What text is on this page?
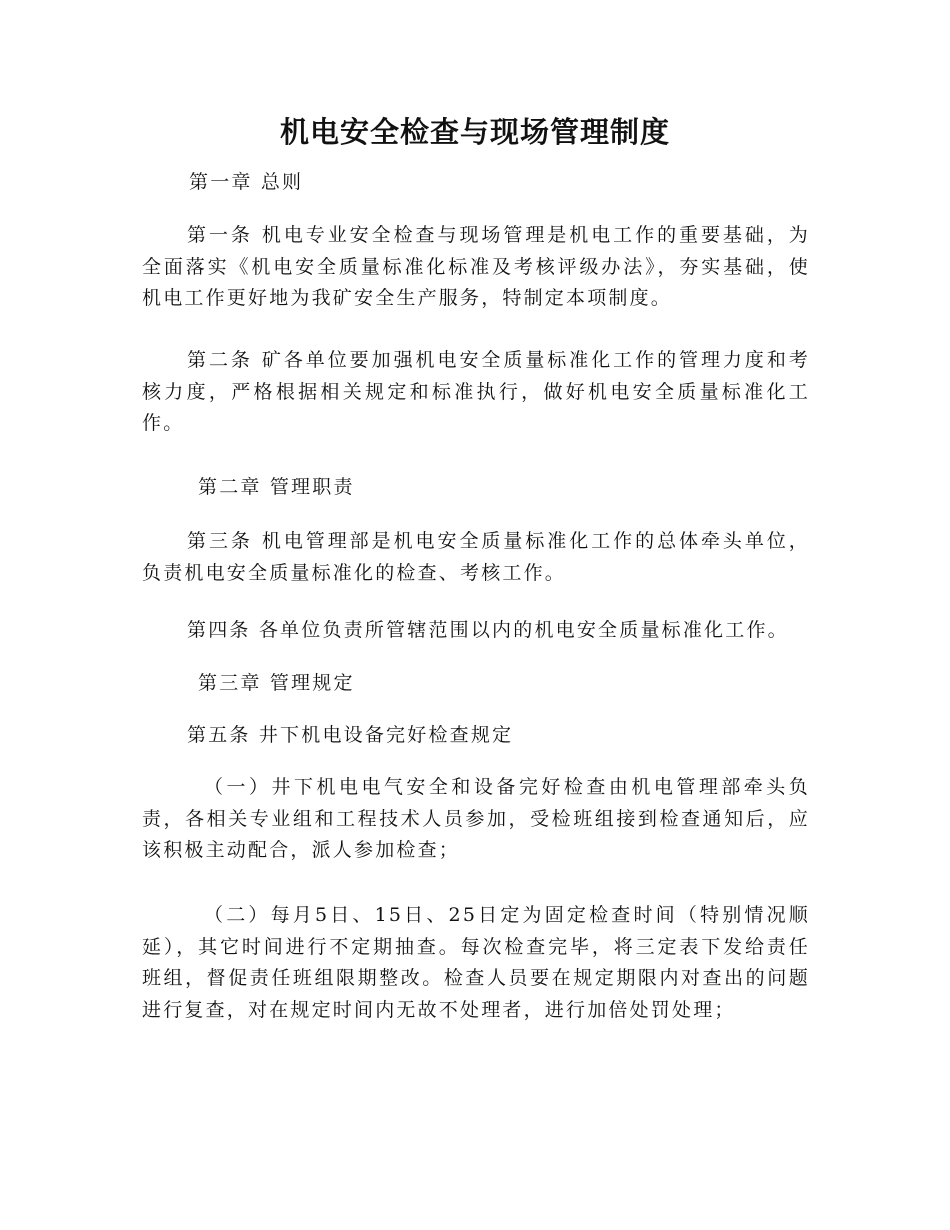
机电安全检查与现场管理制度

第一章 总则

第一条 机电专业安全检查与现场管理是机电工作的重要基础，为全面落实《机电安全质量标准化标准及考核评级办法》，夯实基础，使机电工作更好地为我矿安全生产服务，特制定本项制度。

第二条 矿各单位要加强机电安全质量标准化工作的管理力度和考核力度，严格根据相关规定和标准执行，做好机电安全质量标准化工作。

第二章 管理职责

第三条 机电管理部是机电安全质量标准化工作的总体牵头单位，负责机电安全质量标准化的检查、考核工作。

第四条 各单位负责所管辖范围以内的机电安全质量标准化工作。

第三章 管理规定

第五条 井下机电设备完好检查规定

（一）井下机电电气安全和设备完好检查由机电管理部牵头负责，各相关专业组和工程技术人员参加，受检班组接到检查通知后，应该积极主动配合，派人参加检查；

（二）每月5日、15日、25日定为固定检查时间（特别情况顺延），其它时间进行不定期抽查。每次检查完毕，将三定表下发给责任班组，督促责任班组限期整改。检查人员要在规定期限内对查出的问题进行复查，对在规定时间内无故不处理者，进行加倍处罚处理；
